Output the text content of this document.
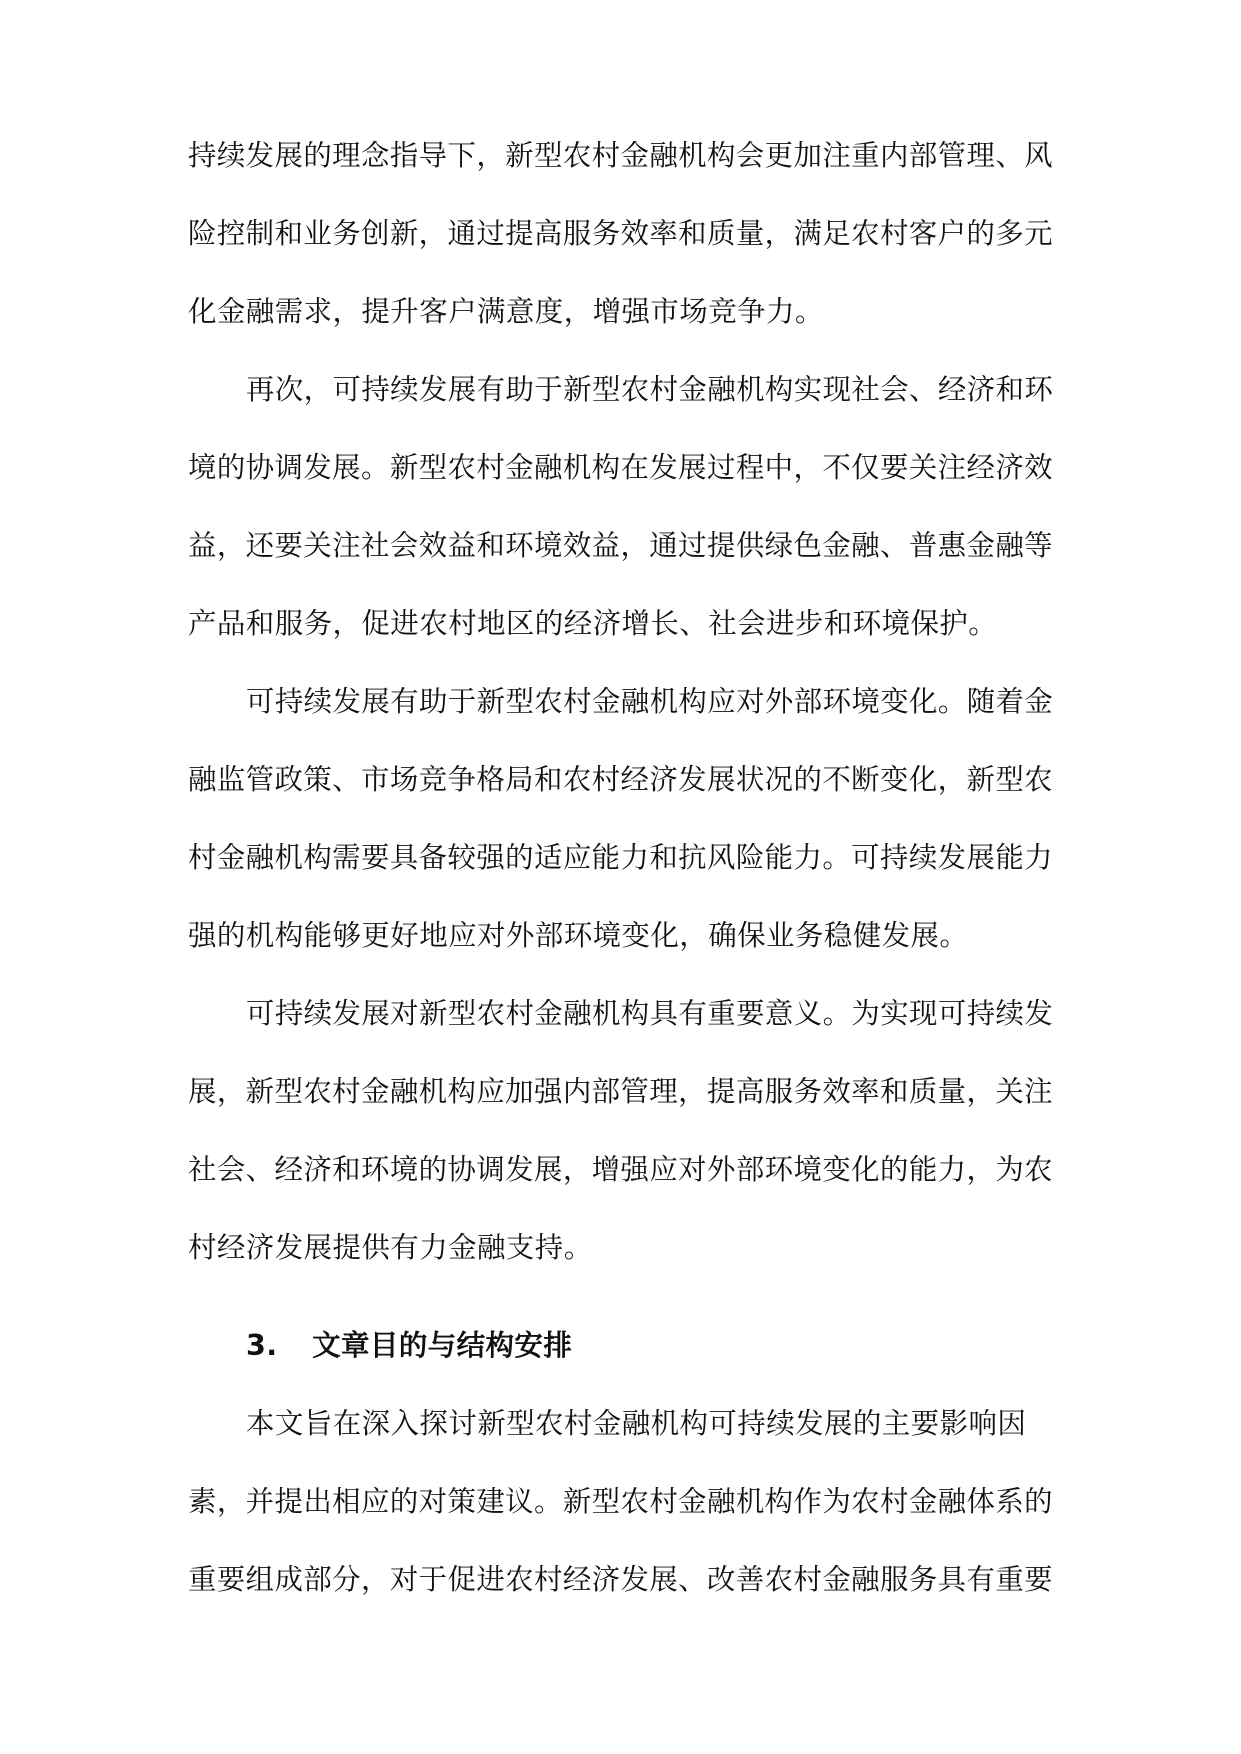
持续发展的理念指导下，新型农村金融机构会更加注重内部管理、风
险控制和业务创新，通过提高服务效率和质量，满足农村客户的多元
化金融需求，提升客户满意度，增强市场竞争力。
再次，可持续发展有助于新型农村金融机构实现社会、经济和环
境的协调发展。新型农村金融机构在发展过程中，不仅要关注经济效
益，还要关注社会效益和环境效益，通过提供绿色金融、普惠金融等
产品和服务，促进农村地区的经济增长、社会进步和环境保护。
可持续发展有助于新型农村金融机构应对外部环境变化。随着金
融监管政策、市场竞争格局和农村经济发展状况的不断变化，新型农
村金融机构需要具备较强的适应能力和抗风险能力。可持续发展能力
强的机构能够更好地应对外部环境变化，确保业务稳健发展。
可持续发展对新型农村金融机构具有重要意义。为实现可持续发
展，新型农村金融机构应加强内部管理，提高服务效率和质量，关注
社会、经济和环境的协调发展，增强应对外部环境变化的能力，为农
村经济发展提供有力金融支持。
3. 文章目的与结构安排
本文旨在深入探讨新型农村金融机构可持续发展的主要影响因
素，并提出相应的对策建议。新型农村金融机构作为农村金融体系的
重要组成部分，对于促进农村经济发展、改善农村金融服务具有重要
